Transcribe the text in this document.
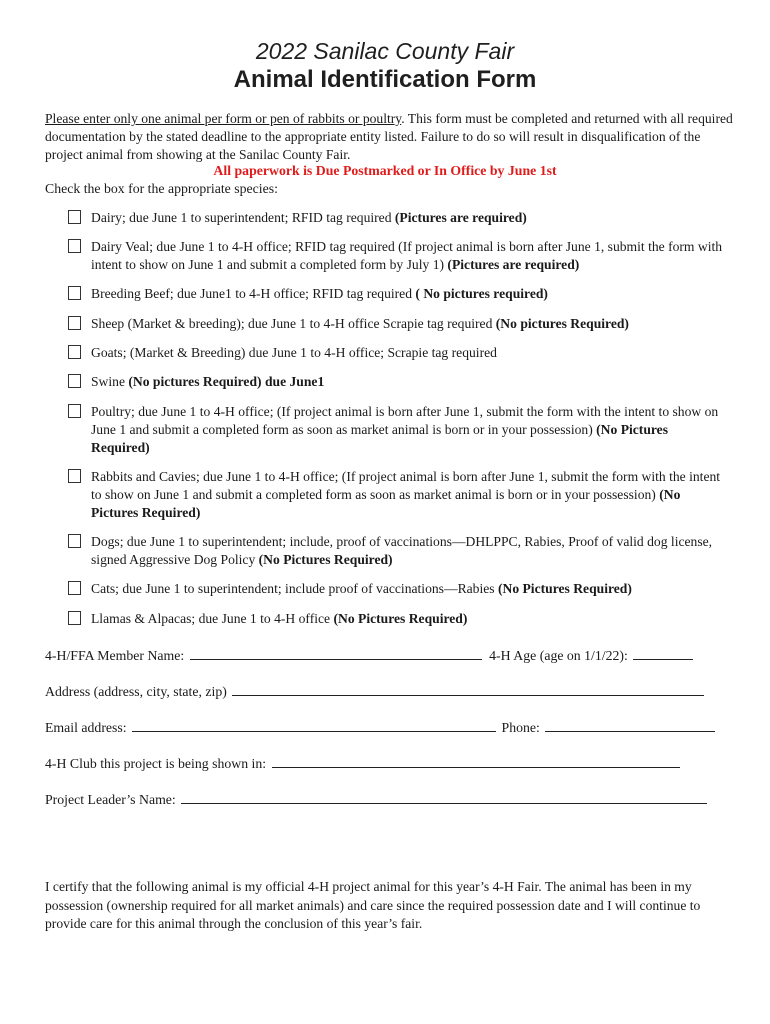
2022 Sanilac County Fair
Animal Identification Form
Please enter only one animal per form or pen of rabbits or poultry. This form must be completed and returned with all required documentation by the stated deadline to the appropriate entity listed. Failure to do so will result in disqualification of the project animal from showing at the Sanilac County Fair.
All paperwork is Due Postmarked or In Office by June 1st
Check the box for the appropriate species:
Dairy; due June 1 to superintendent; RFID tag required (Pictures are required)
Dairy Veal; due June 1 to 4-H office; RFID tag required (If project animal is born after June 1, submit the form with intent to show on June 1 and submit a completed form by July 1) (Pictures are required)
Breeding Beef; due June1 to 4-H office; RFID tag required ( No pictures required)
Sheep (Market & breeding); due June 1 to 4-H office Scrapie tag required (No pictures Required)
Goats; (Market & Breeding) due June 1 to 4-H office; Scrapie tag required
Swine (No pictures Required) due June1
Poultry; due June 1 to 4-H office; (If project animal is born after June 1, submit the form with the intent to show on June 1 and submit a completed form as soon as market animal is born or in your possession) (No Pictures Required)
Rabbits and Cavies; due June 1 to 4-H office; (If project animal is born after June 1, submit the form with the intent to show on June 1 and submit a completed form as soon as market animal is born or in your possession) (No Pictures Required)
Dogs; due June 1 to superintendent; include, proof of vaccinations—DHLPPC, Rabies, Proof of valid dog license, signed Aggressive Dog Policy (No Pictures Required)
Cats; due June 1 to superintendent; include proof of vaccinations—Rabies (No Pictures Required)
Llamas & Alpacas; due June 1 to 4-H office (No Pictures Required)
4-H/FFA Member Name:	4-H Age (age on 1/1/22):
Address (address, city, state, zip)
Email address:	Phone:
4-H Club this project is being shown in:
Project Leader’s Name:
I certify that the following animal is my official 4-H project animal for this year’s 4-H Fair. The animal has been in my possession (ownership required for all market animals) and care since the required possession date and I will continue to provide care for this animal through the conclusion of this year’s fair.
